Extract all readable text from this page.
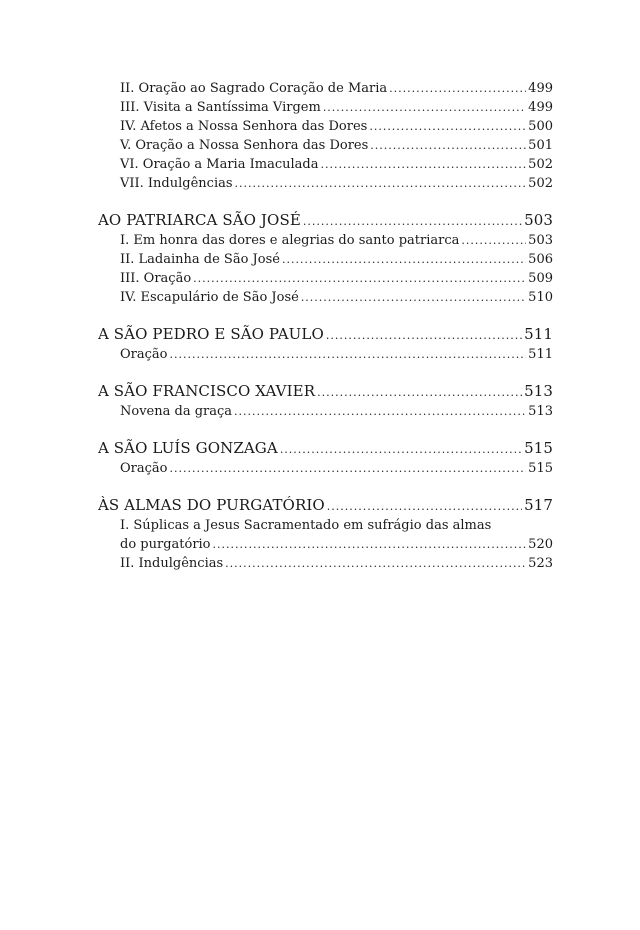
II. Oração ao Sagrado Coração de Maria .....	499
III. Visita a Santíssima Virgem .....	499
IV. Afetos a Nossa Senhora das Dores .....	500
V. Oração a Nossa Senhora das Dores .....	501
VI. Oração a Maria Imaculada .....	502
VII. Indulgências .....	502
AO PATRIARCA SÃO JOSÉ .....	503
I. Em honra das dores e alegrias do santo patriarca .....	503
II. Ladainha de São José .....	506
III. Oração .....	509
IV. Escapulário de São José .....	510
A SÃO PEDRO E SÃO PAULO .....	511
Oração .....	511
A SÃO FRANCISCO XAVIER .....	513
Novena da graça .....	513
A SÃO LUÍS GONZAGA .....	515
Oração .....	515
ÀS ALMAS DO PURGATÓRIO .....	517
I. Súplicas a Jesus Sacramentado em sufrágio das almas
do purgatório .....	520
II. Indulgências .....	523
